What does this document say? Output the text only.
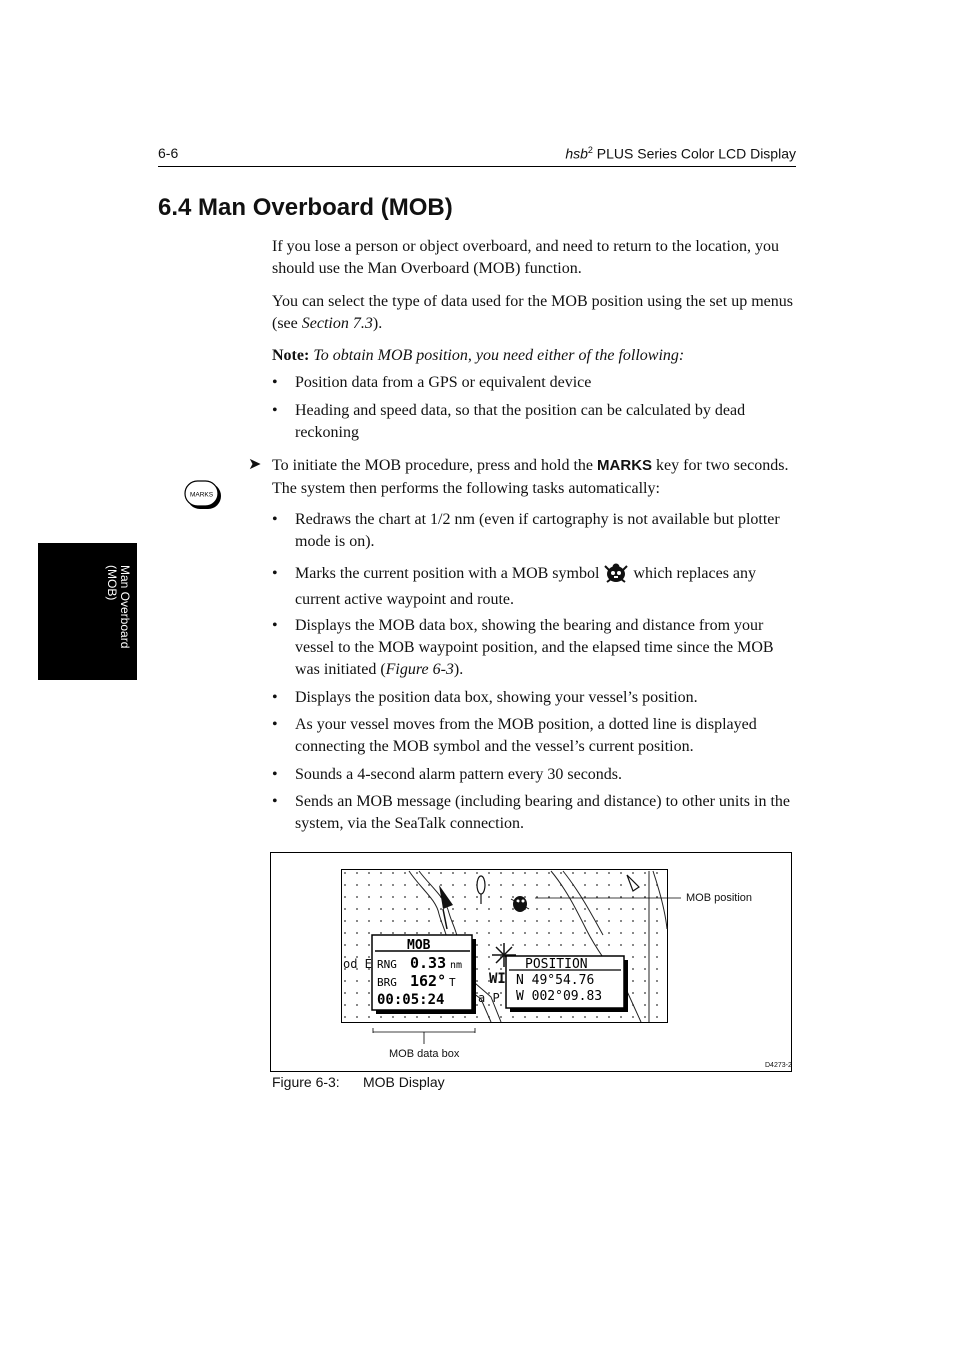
6-6	hsb$^2$ PLUS Series Color LCD Display
6.4 Man Overboard (MOB)
Man Overboard
(MOB)
If you lose a person or object overboard, and need to return to the location, you should use the Man Overboard (MOB) function.
You can select the type of data used for the MOB position using the set up menus (see Section 7.3).
Note: To obtain MOB position, you need either of the following:
•	Position data from a GPS or equivalent device
•	Heading and speed data, so that the position can be calculated by dead reckoning
➤ To initiate the MOB procedure, press and hold the MARKS key for two seconds. The system then performs the following tasks automatically:
MARKS
•	Redraws the chart at 1/2 nm (even if cartography is not available but plotter mode is on).
•	Marks the current position with a MOB symbol  which replaces any current active waypoint and route.
•	Displays the MOB data box, showing the bearing and distance from your vessel to the MOB waypoint position, and the elapsed time since the MOB was initiated (Figure 6-3).
•	Displays the position data box, showing your vessel’s position.
•	As your vessel moves from the MOB position, a dotted line is displayed connecting the MOB symbol and the vessel’s current position.
•	Sounds a 4-second alarm pattern every 30 seconds.
•	Sends an MOB message (including bearing and distance) to other units in the system, via the SeaTalk connection.
od E
WI
a P
MOB
RNG 0.33 nm
BRG 162° T
00:05:24
POSITION
N 49°54.76
W 002°09.83
MOB position
MOB data box
D4273-2
Figure 6-3: MOB Display
